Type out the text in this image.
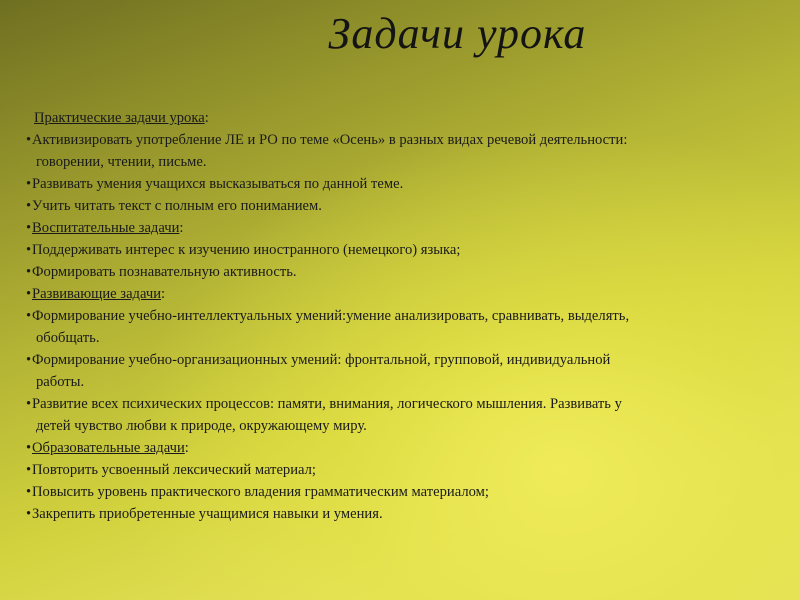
Задачи урока
Практические задачи урока:
• Активизировать употребление ЛЕ и РО по теме «Осень» в разных видах речевой деятельности:
говорении, чтении, письме.
• Развивать умения учащихся высказываться по данной теме.
• Учить читать текст с полным его пониманием.
• Воспитательные задачи:
• Поддерживать интерес к изучению иностранного (немецкого) языка;
• Формировать познавательную активность.
• Развивающие задачи:
• Формирование учебно-интеллектуальных умений:умение анализировать, сравнивать, выделять,
обобщать.
• Формирование учебно-организационных умений: фронтальной, групповой, индивидуальной
работы.
• Развитие всех психических процессов: памяти, внимания, логического мышления. Развивать у
детей чувство любви к природе, окружающему миру.
• Образовательные задачи:
• Повторить усвоенный лексический материал;
• Повысить уровень практического владения грамматическим материалом;
• Закрепить приобретенные учащимися навыки и умения.
